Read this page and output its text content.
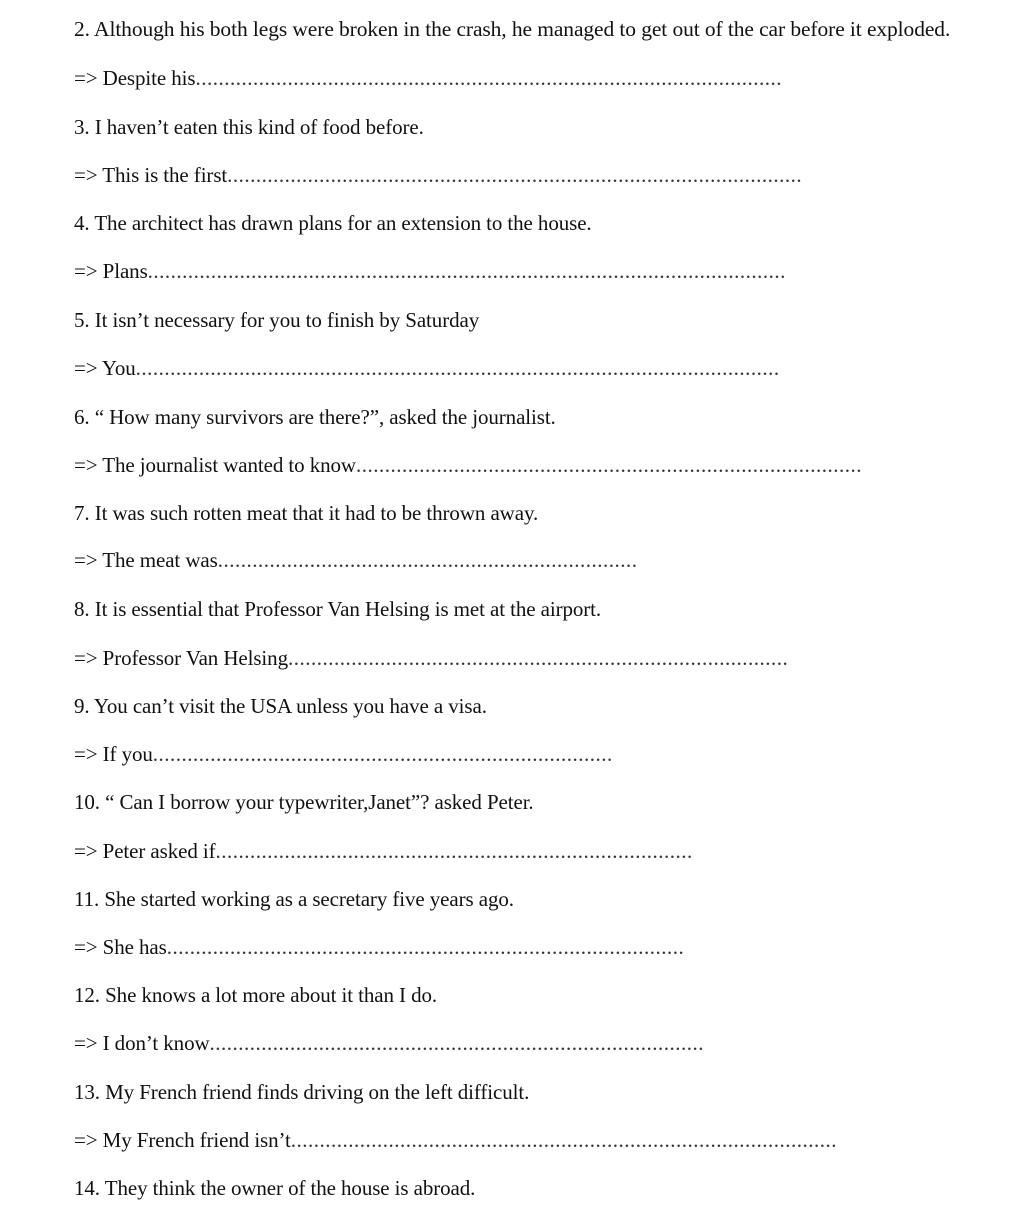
2. Although his both legs were broken in the crash, he managed to get out of the car before it exploded.
=> Despite his......................................................................................................
3. I haven’t eaten this kind of food before.
=> This is the first....................................................................................................
4. The architect has drawn plans for an extension to the house.
=> Plans...............................................................................................................
5. It isn’t necessary for you to finish by Saturday
=> You................................................................................................................
6. “ How many survivors are there?”, asked the journalist.
=> The journalist wanted to know........................................................................................
7. It was such rotten meat that it had to be thrown away.
=> The meat was.........................................................................
8. It is essential that Professor Van Helsing is met at the airport.
=> Professor Van Helsing.......................................................................................
9. You can’t visit the USA unless you have a visa.
=> If you................................................................................
10. “ Can I borrow your typewriter,Janet”? asked Peter.
=> Peter asked if...................................................................................
11. She started working as a secretary five years ago.
=> She has..........................................................................................
12. She knows a lot more about it than I do.
=> I don’t know......................................................................................
13. My French friend finds driving on the left difficult.
=> My French friend isn’t...............................................................................................
14. They think the owner of the house is abroad.
